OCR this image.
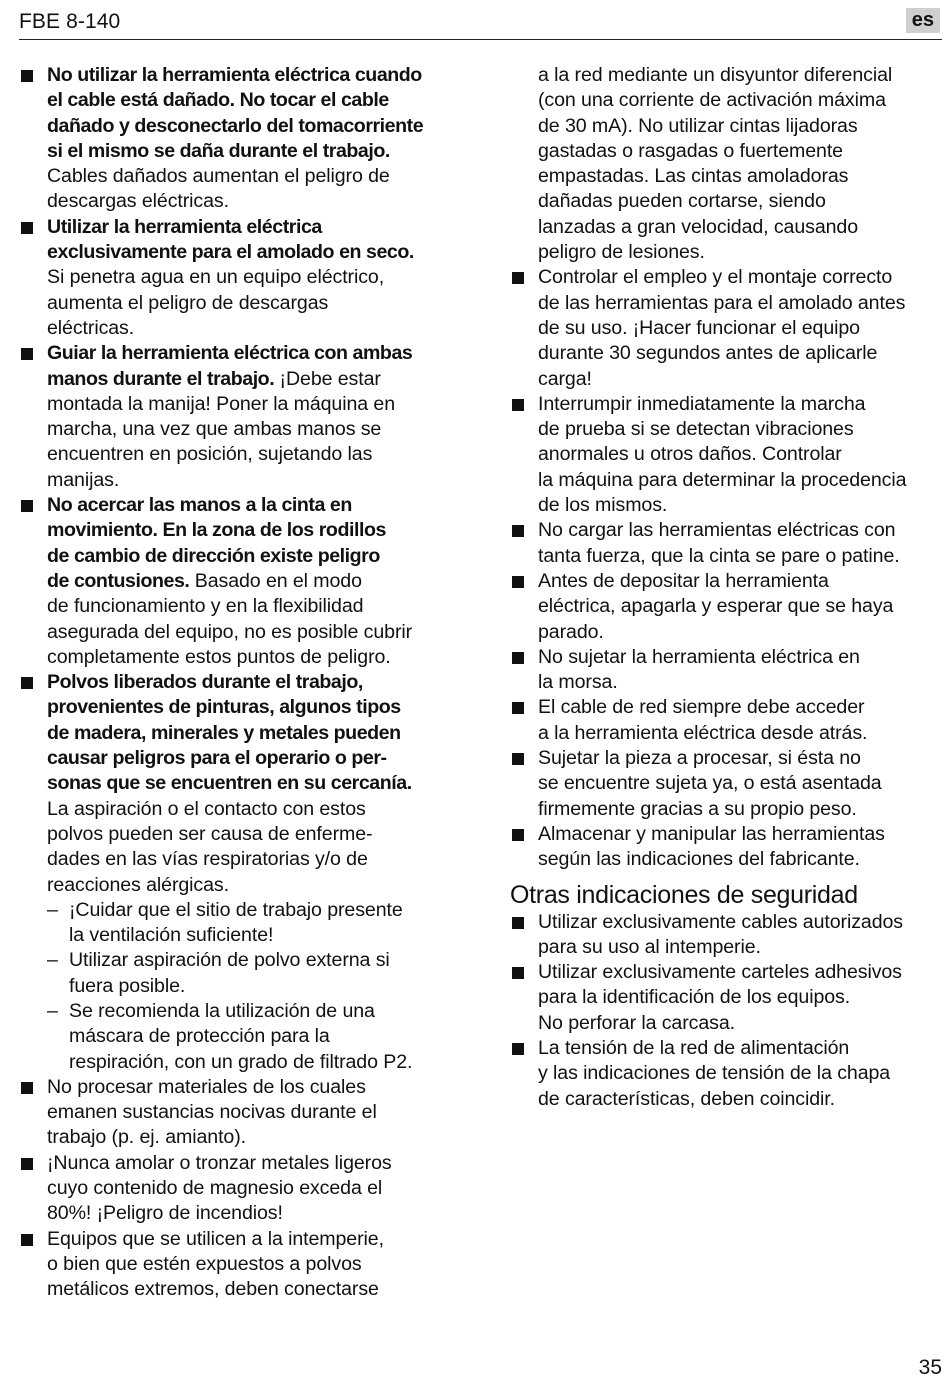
FBE 8-140	es
No utilizar la herramienta eléctrica cuando
el cable está dañado. No tocar el cable
dañado y desconectarlo del tomacorriente
si el mismo se daña durante el trabajo.
Cables dañados aumentan el peligro de
descargas eléctricas.
Utilizar la herramienta eléctrica
exclusivamente para el amolado en seco.
Si penetra agua en un equipo eléctrico,
aumenta el peligro de descargas
eléctricas.
Guiar la herramienta eléctrica con ambas
manos durante el trabajo. ¡Debe estar
montada la manija! Poner la máquina en
marcha, una vez que ambas manos se
encuentren en posición, sujetando las
manijas.
No acercar las manos a la cinta en
movimiento. En la zona de los rodillos
de cambio de dirección existe peligro
de contusiones. Basado en el modo
de funcionamiento y en la flexibilidad
asegurada del equipo, no es posible cubrir
completamente estos puntos de peligro.
Polvos liberados durante el trabajo,
provenientes de pinturas, algunos tipos
de madera, minerales y metales pueden
causar peligros para el operario o per-
sonas que se encuentren en su cercanía.
La aspiración o el contacto con estos
polvos pueden ser causa de enferme-
dades en las vías respiratorias y/o de
reacciones alérgicas.
– ¡Cuidar que el sitio de trabajo presente
la ventilación suficiente!
– Utilizar aspiración de polvo externa si
fuera posible.
– Se recomienda la utilización de una
máscara de protección para la
respiración, con un grado de filtrado P2.
No procesar materiales de los cuales
emanen sustancias nocivas durante el
trabajo (p. ej. amianto).
¡Nunca amolar o tronzar metales ligeros
cuyo contenido de magnesio exceda el
80%! ¡Peligro de incendios!
Equipos que se utilicen a la intemperie,
o bien que estén expuestos a polvos
metálicos extremos, deben conectarse
a la red mediante un disyuntor diferencial
(con una corriente de activación máxima
de 30 mA). No utilizar cintas lijadoras
gastadas o rasgadas o fuertemente
empastadas. Las cintas amoladoras
dañadas pueden cortarse, siendo
lanzadas a gran velocidad, causando
peligro de lesiones.
Controlar el empleo y el montaje correcto
de las herramientas para el amolado antes
de su uso. ¡Hacer funcionar el equipo
durante 30 segundos antes de aplicarle
carga!
Interrumpir inmediatamente la marcha
de prueba si se detectan vibraciones
anormales u otros daños. Controlar
la máquina para determinar la procedencia
de los mismos.
No cargar las herramientas eléctricas con
tanta fuerza, que la cinta se pare o patine.
Antes de depositar la herramienta
eléctrica, apagarla y esperar que se haya
parado.
No sujetar la herramienta eléctrica en
la morsa.
El cable de red siempre debe acceder
a la herramienta eléctrica desde atrás.
Sujetar la pieza a procesar, si ésta no
se encuentre sujeta ya, o está asentada
firmemente gracias a su propio peso.
Almacenar y manipular las herramientas
según las indicaciones del fabricante.
Otras indicaciones de seguridad
Utilizar exclusivamente cables autorizados
para su uso al intemperie.
Utilizar exclusivamente carteles adhesivos
para la identificación de los equipos.
No perforar la carcasa.
La tensión de la red de alimentación
y las indicaciones de tensión de la chapa
de características, deben coincidir.
35
